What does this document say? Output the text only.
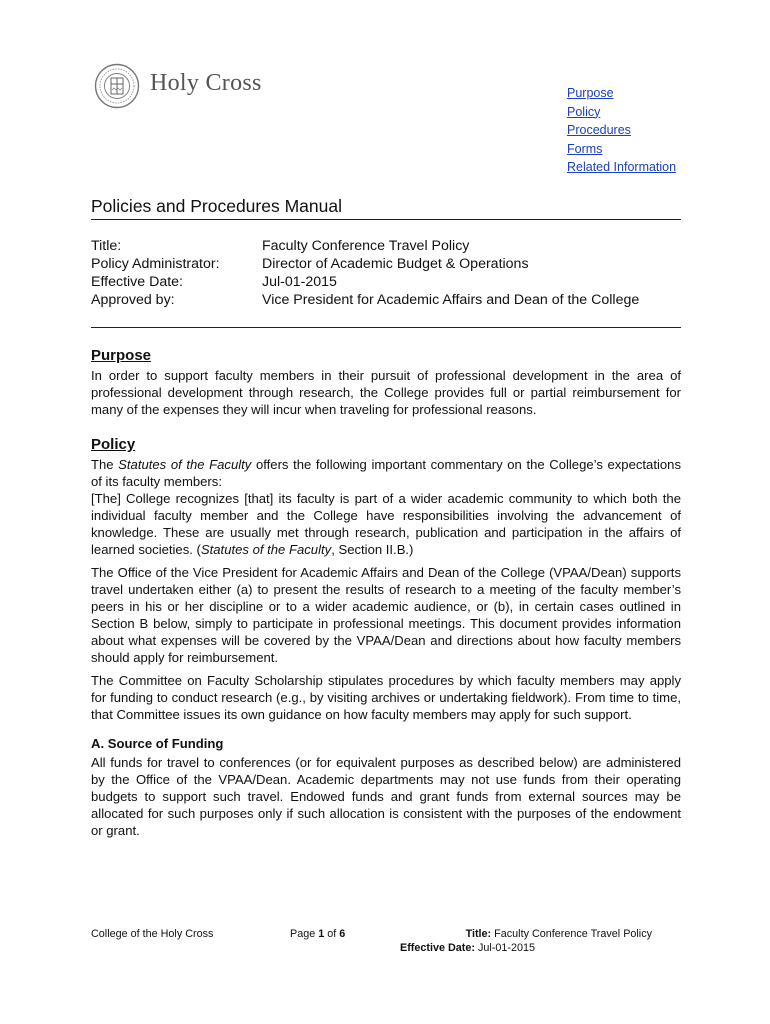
Holy Cross	Purpose
Policy
Procedures
Forms
Related Information
Policies and Procedures Manual
Title:	Faculty Conference Travel Policy
Policy Administrator:	Director of Academic Budget & Operations
Effective Date:	Jul-01-2015
Approved by:	Vice President for Academic Affairs and Dean of the College
Purpose

In order to support faculty members in their pursuit of professional development in the area of professional development through research, the College provides full or partial reimbursement for many of the expenses they will incur when traveling for professional reasons.

Policy

The Statutes of the Faculty offers the following important commentary on the College’s expectations of its faculty members:

[The] College recognizes [that] its faculty is part of a wider academic community to which both the individual faculty member and the College have responsibilities involving the advancement of knowledge. These are usually met through research, publication and participation in the affairs of learned societies. (Statutes of the Faculty, Section II.B.)

The Office of the Vice President for Academic Affairs and Dean of the College (VPAA/Dean) supports travel undertaken either (a) to present the results of research to a meeting of the faculty member’s peers in his or her discipline or to a wider academic audience, or (b), in certain cases outlined in Section B below, simply to participate in professional meetings. This document provides information about what expenses will be covered by the VPAA/Dean and directions about how faculty members should apply for reimbursement.

The Committee on Faculty Scholarship stipulates procedures by which faculty members may apply for funding to conduct research (e.g., by visiting archives or undertaking fieldwork). From time to time, that Committee issues its own guidance on how faculty members may apply for such support.

A. Source of Funding

All funds for travel to conferences (or for equivalent purposes as described below) are administered by the Office of the VPAA/Dean. Academic departments may not use funds from their operating budgets to support such travel. Endowed funds and grant funds from external sources may be allocated for such purposes only if such allocation is consistent with the purposes of the endowment or grant.

College of the Holy Cross	Page 1 of 6	Title: Faculty Conference Travel Policy
Effective Date: Jul-01-2015
